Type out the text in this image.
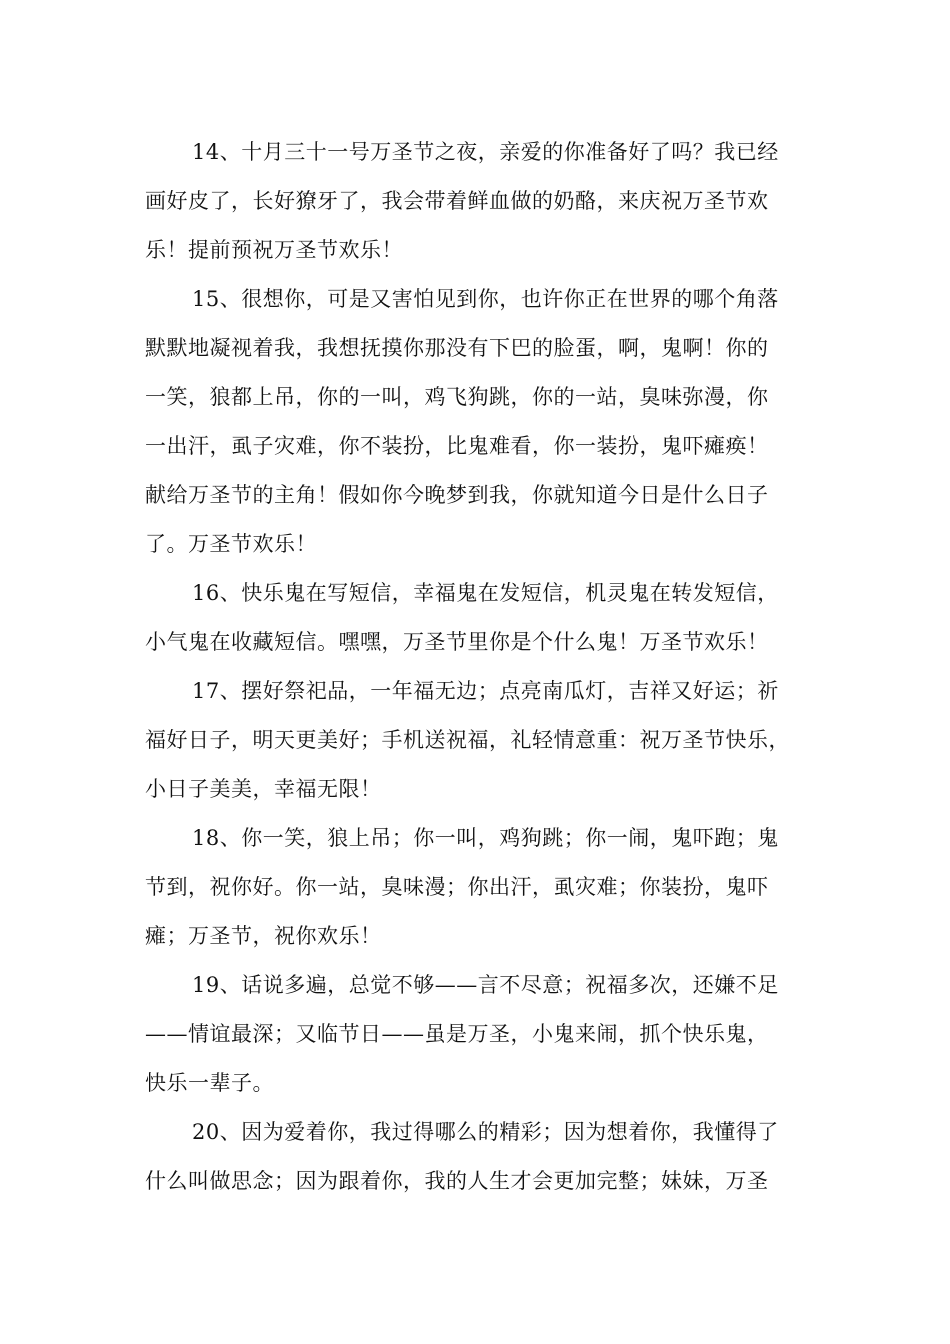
14、十月三十一号万圣节之夜，亲爱的你准备好了吗？我已经
画好皮了，长好獠牙了，我会带着鲜血做的奶酪，来庆祝万圣节欢
乐！提前预祝万圣节欢乐！

15、很想你，可是又害怕见到你，也许你正在世界的哪个角落
默默地凝视着我，我想抚摸你那没有下巴的脸蛋，啊，鬼啊！你的
一笑，狼都上吊，你的一叫，鸡飞狗跳，你的一站，臭味弥漫，你
一出汗，虱子灾难，你不装扮，比鬼难看，你一装扮，鬼吓瘫痪！
献给万圣节的主角！假如你今晚梦到我，你就知道今日是什么日子
了。万圣节欢乐！

16、快乐鬼在写短信，幸福鬼在发短信，机灵鬼在转发短信，
小气鬼在收藏短信。嘿嘿，万圣节里你是个什么鬼！万圣节欢乐！

17、摆好祭祀品，一年福无边；点亮南瓜灯，吉祥又好运；祈
福好日子，明天更美好；手机送祝福，礼轻情意重：祝万圣节快乐，
小日子美美，幸福无限！

18、你一笑，狼上吊；你一叫，鸡狗跳；你一闹，鬼吓跑；鬼
节到，祝你好。你一站，臭味漫；你出汗，虱灾难；你装扮，鬼吓
瘫；万圣节，祝你欢乐！

19、话说多遍，总觉不够——言不尽意；祝福多次，还嫌不足
——情谊最深；又临节日——虽是万圣，小鬼来闹，抓个快乐鬼，
快乐一辈子。

20、因为爱着你，我过得哪么的精彩；因为想着你，我懂得了
什么叫做思念；因为跟着你，我的人生才会更加完整；妹妹，万圣
